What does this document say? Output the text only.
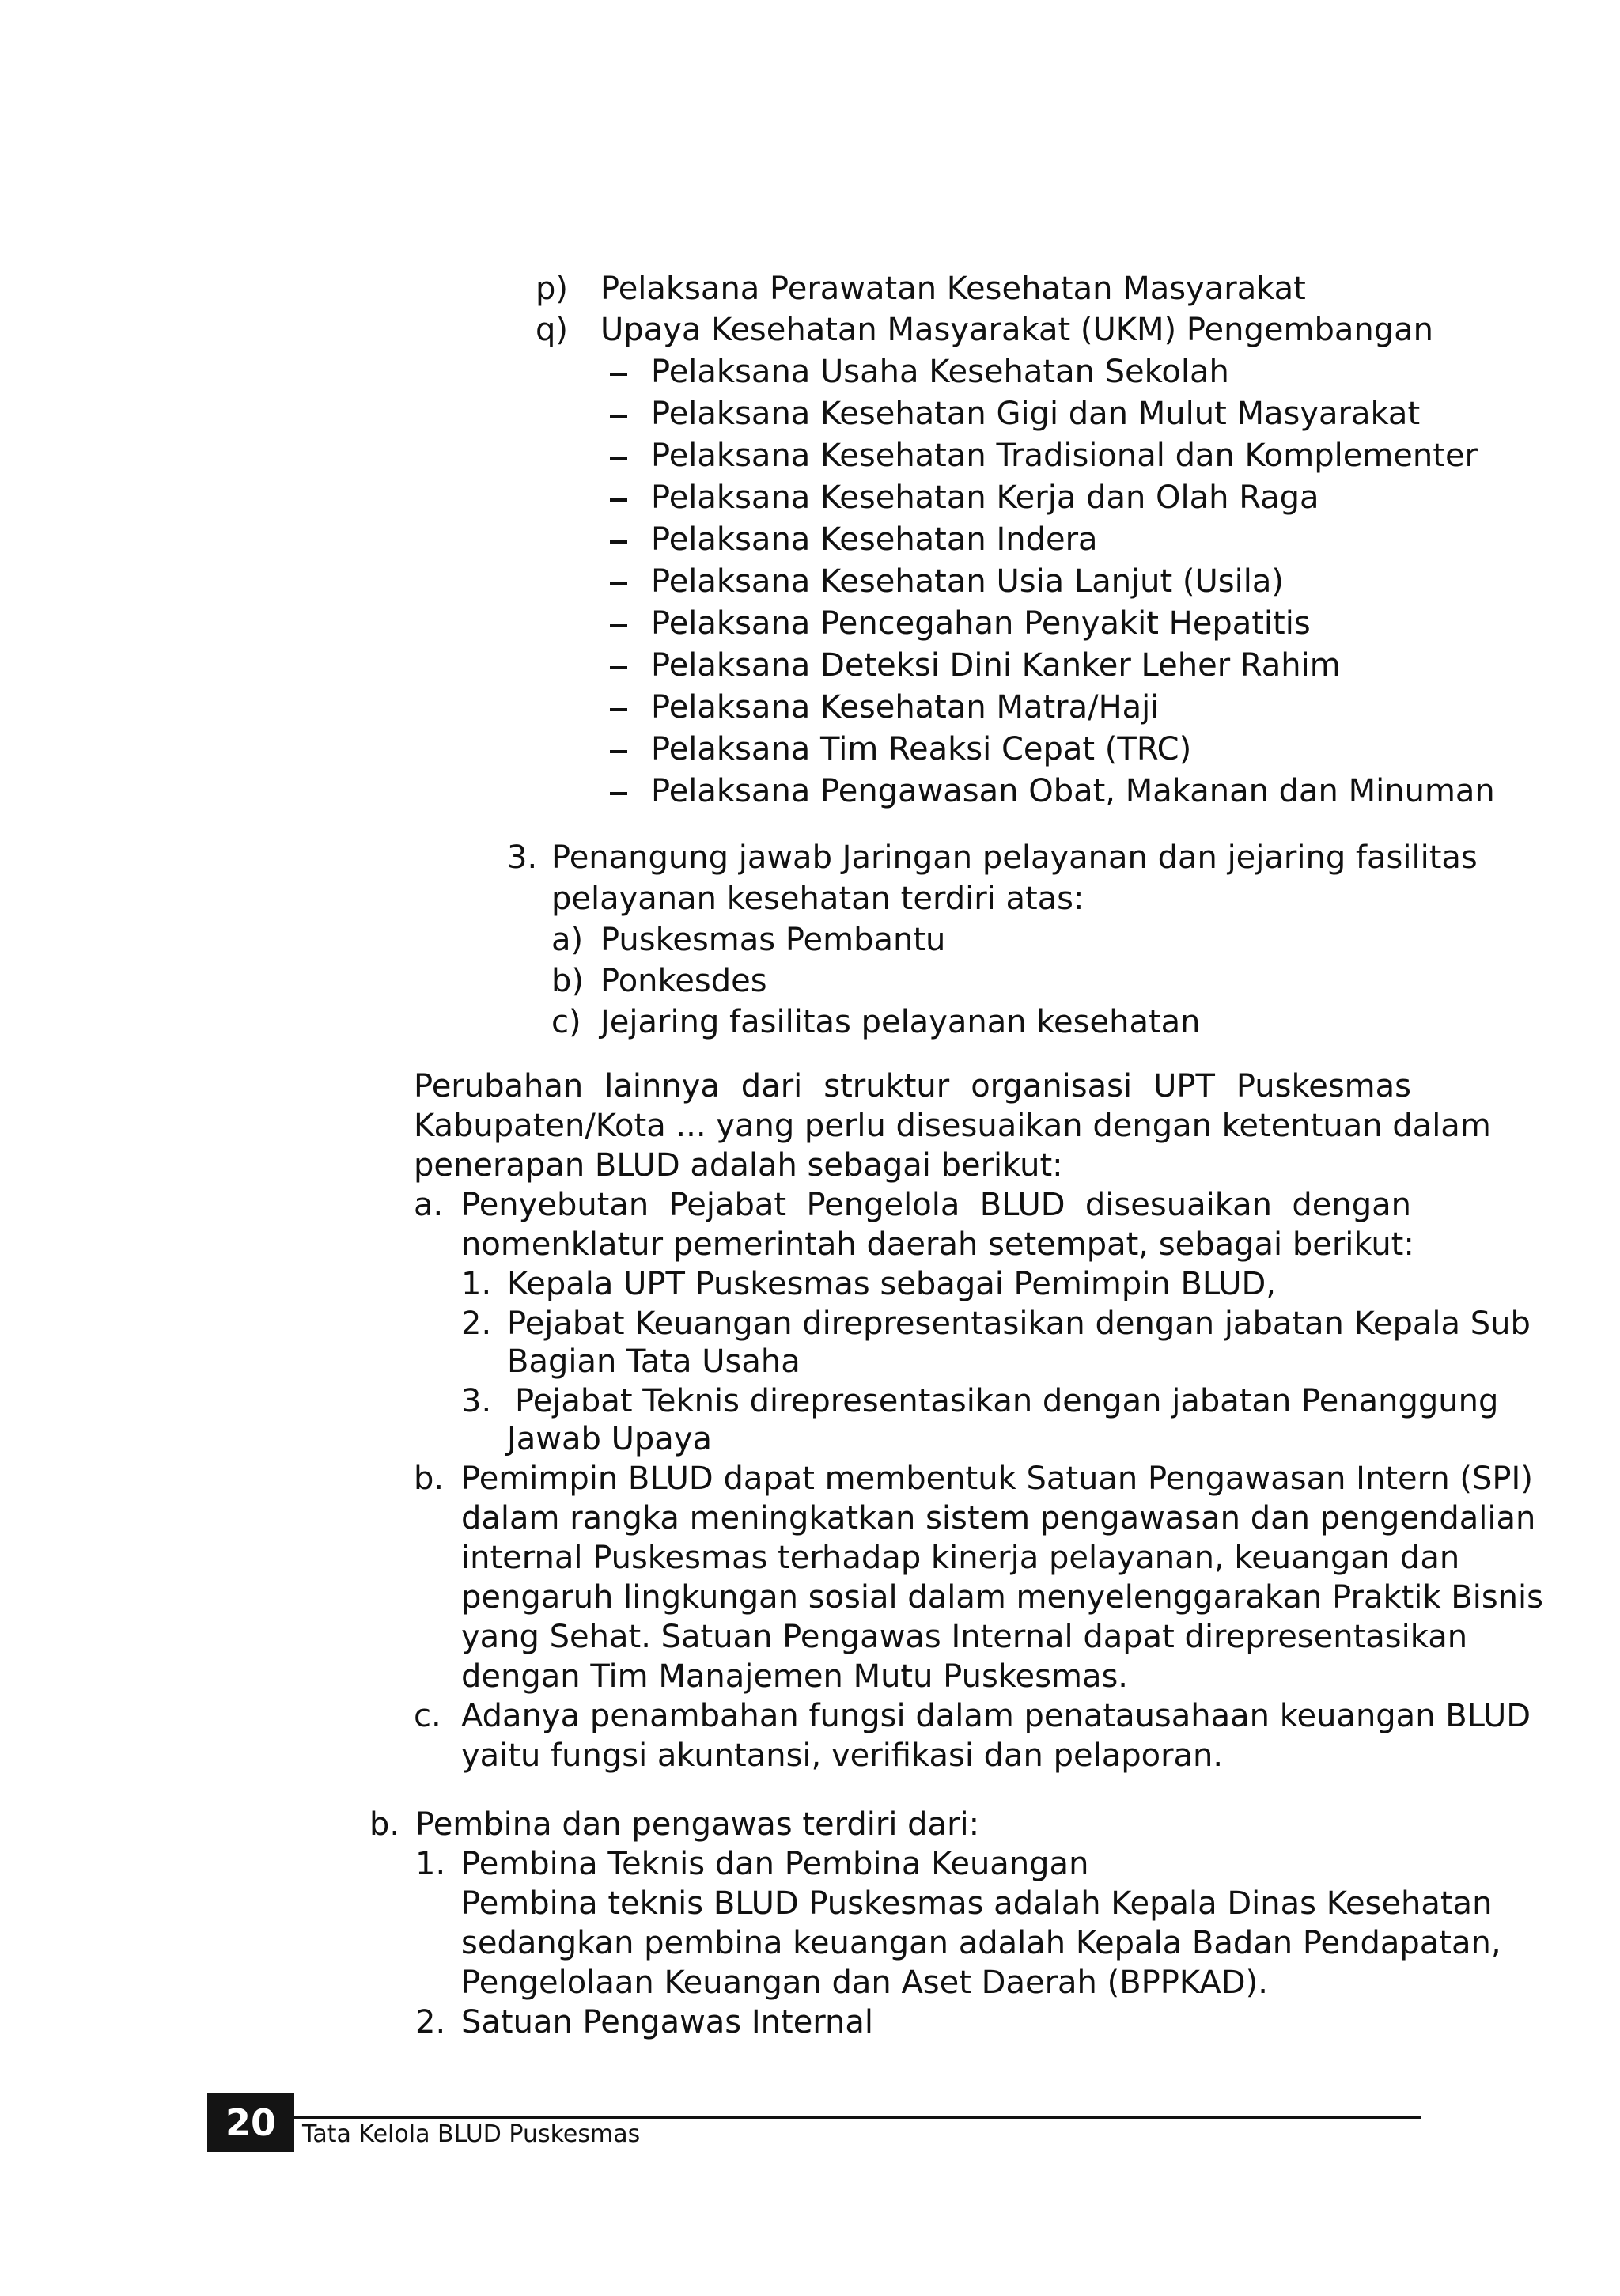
p) Pelaksana Perawatan Kesehatan Masyarakat
q) Upaya Kesehatan Masyarakat (UKM) Pengembangan
Pelaksana Usaha Kesehatan Sekolah
Pelaksana Kesehatan Gigi dan Mulut Masyarakat
Pelaksana Kesehatan Tradisional dan Komplementer
Pelaksana Kesehatan Kerja dan Olah Raga
Pelaksana Kesehatan Indera
Pelaksana Kesehatan Usia Lanjut (Usila)
Pelaksana Pencegahan Penyakit Hepatitis
Pelaksana Deteksi Dini Kanker Leher Rahim
Pelaksana Kesehatan Matra/Haji
Pelaksana Tim Reaksi Cepat (TRC)
Pelaksana Pengawasan Obat, Makanan dan Minuman
3. Penangung jawab Jaringan pelayanan dan jejaring fasilitas
pelayanan kesehatan terdiri atas:
a) Puskesmas Pembantu
b) Ponkesdes
c) Jejaring fasilitas pelayanan kesehatan
Perubahan lainnya dari struktur organisasi UPT Puskesmas
Kabupaten/Kota ... yang perlu disesuaikan dengan ketentuan dalam
penerapan BLUD adalah sebagai berikut:
a. Penyebutan Pejabat Pengelola BLUD disesuaikan dengan
nomenklatur pemerintah daerah setempat, sebagai berikut:
1. Kepala UPT Puskesmas sebagai Pemimpin BLUD,
2. Pejabat Keuangan direpresentasikan dengan jabatan Kepala Sub
Bagian Tata Usaha
3. Pejabat Teknis direpresentasikan dengan jabatan Penanggung
Jawab Upaya
b. Pemimpin BLUD dapat membentuk Satuan Pengawasan Intern (SPI)
dalam rangka meningkatkan sistem pengawasan dan pengendalian
internal Puskesmas terhadap kinerja pelayanan, keuangan dan
pengaruh lingkungan sosial dalam menyelenggarakan Praktik Bisnis
yang Sehat. Satuan Pengawas Internal dapat direpresentasikan
dengan Tim Manajemen Mutu Puskesmas.
c. Adanya penambahan fungsi dalam penatausahaan keuangan BLUD
yaitu fungsi akuntansi, verifikasi dan pelaporan.
b. Pembina dan pengawas terdiri dari:
1. Pembina Teknis dan Pembina Keuangan
Pembina teknis BLUD Puskesmas adalah Kepala Dinas Kesehatan
sedangkan pembina keuangan adalah Kepala Badan Pendapatan,
Pengelolaan Keuangan dan Aset Daerah (BPPKAD).
2. Satuan Pengawas Internal
20	Tata Kelola BLUD Puskesmas
